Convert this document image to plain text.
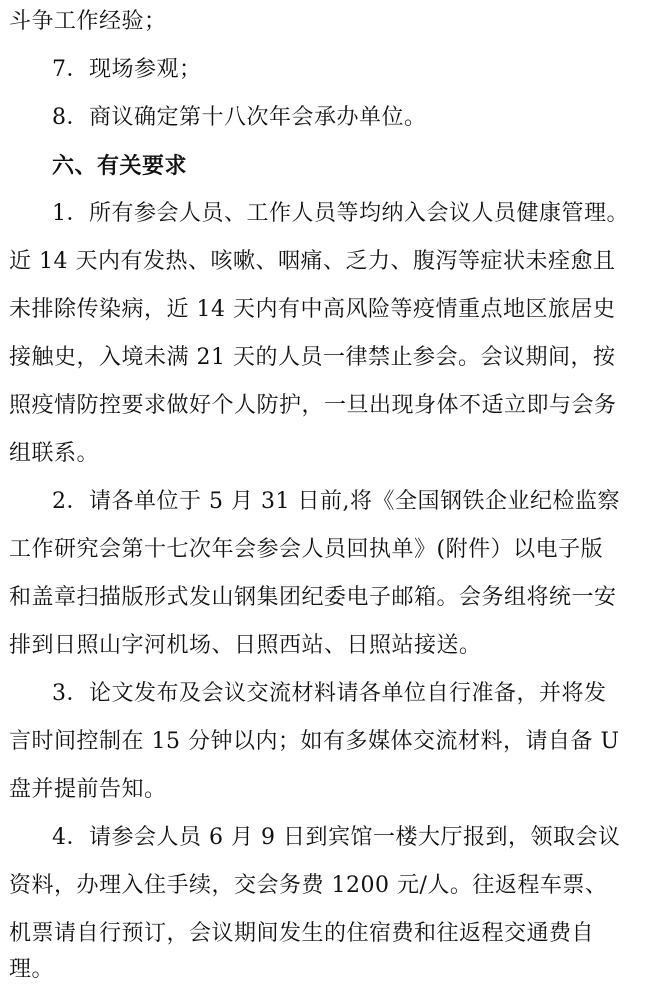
斗争工作经验；
7．现场参观；
8．商议确定第十八次年会承办单位。
六、有关要求
1．所有参会人员、工作人员等均纳入会议人员健康管理。
近 14 天内有发热、咳嗽、咽痛、乏力、腹泻等症状未痊愈且
未排除传染病，近 14 天内有中高风险等疫情重点地区旅居史
接触史，入境未满 21 天的人员一律禁止参会。会议期间，按
照疫情防控要求做好个人防护，一旦出现身体不适立即与会务
组联系。
2．请各单位于 5 月 31 日前,将《全国钢铁企业纪检监察
工作研究会第十七次年会参会人员回执单》(附件）以电子版
和盖章扫描版形式发山钢集团纪委电子邮箱。会务组将统一安
排到日照山字河机场、日照西站、日照站接送。
3．论文发布及会议交流材料请各单位自行准备，并将发
言时间控制在 15 分钟以内；如有多媒体交流材料，请自备 U
盘并提前告知。
4．请参会人员 6 月 9 日到宾馆一楼大厅报到，领取会议
资料，办理入住手续，交会务费 1200 元/人。往返程车票、
机票请自行预订，会议期间发生的住宿费和往返程交通费自
理。
